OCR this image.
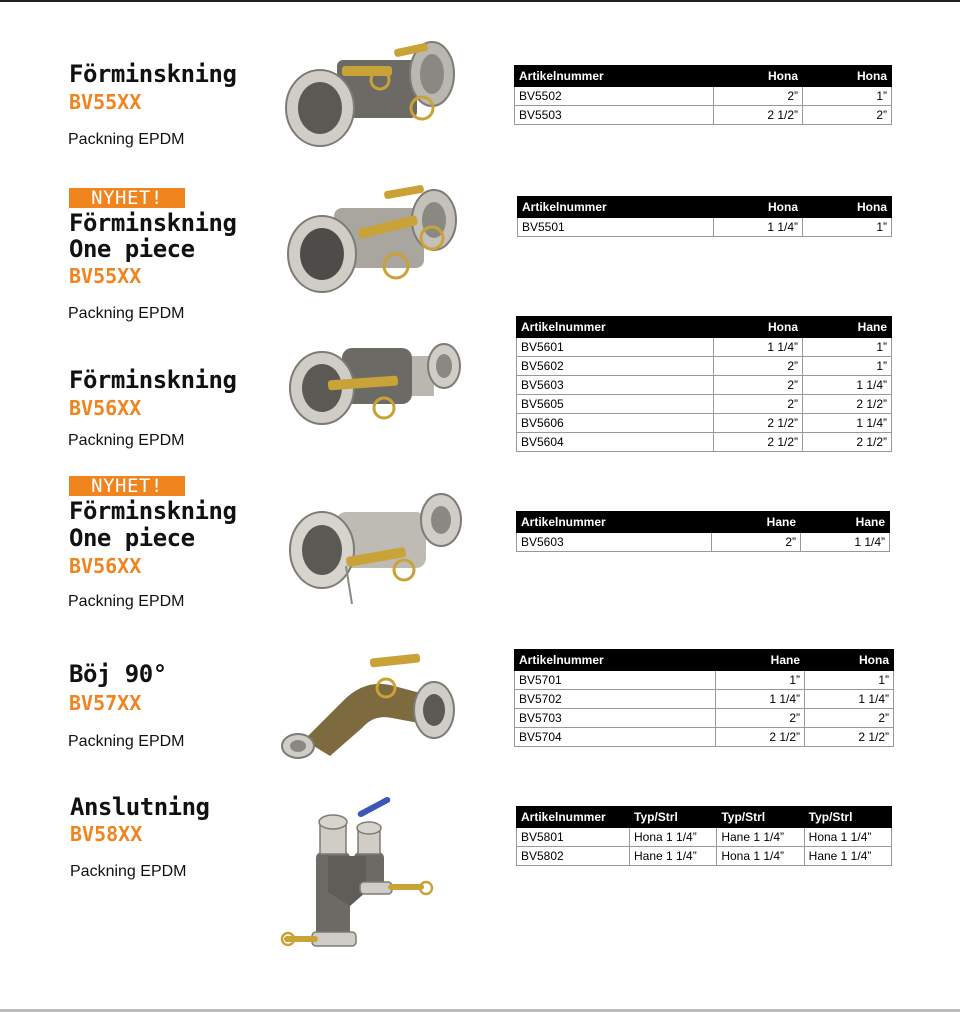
Förminskning
BV55XX
Packning EPDM
Artikelnummer	Hona	Hona
BV5502	2”	1”
BV5503	2 1/2”	2”
NYHET!
Förminskning
One piece
BV55XX
Packning EPDM
Artikelnummer	Hona	Hona
BV5501	1 1/4”	1”
Förminskning
BV56XX
Packning EPDM
Artikelnummer	Hona	Hane
BV5601	1 1/4”	1”
BV5602	2”	1”
BV5603	2”	1 1/4”
BV5605	2”	2 1/2”
BV5606	2 1/2”	1 1/4”
BV5604	2 1/2”	2 1/2”
NYHET!
Förminskning
One piece
BV56XX
Packning EPDM
Artikelnummer	Hane	Hane
BV5603	2”	1 1/4”
Böj 90°
BV57XX
Packning EPDM
Artikelnummer	Hane	Hona
BV5701	1”	1”
BV5702	1 1/4”	1 1/4”
BV5703	2”	2”
BV5704	2 1/2”	2 1/2”
Anslutning
BV58XX
Packning EPDM
Artikelnummer	Typ/Strl	Typ/Strl	Typ/Strl
BV5801	Hona 1 1/4”	Hane 1 1/4”	Hona 1 1/4”
BV5802	Hane 1 1/4”	Hona 1 1/4”	Hane 1 1/4”
